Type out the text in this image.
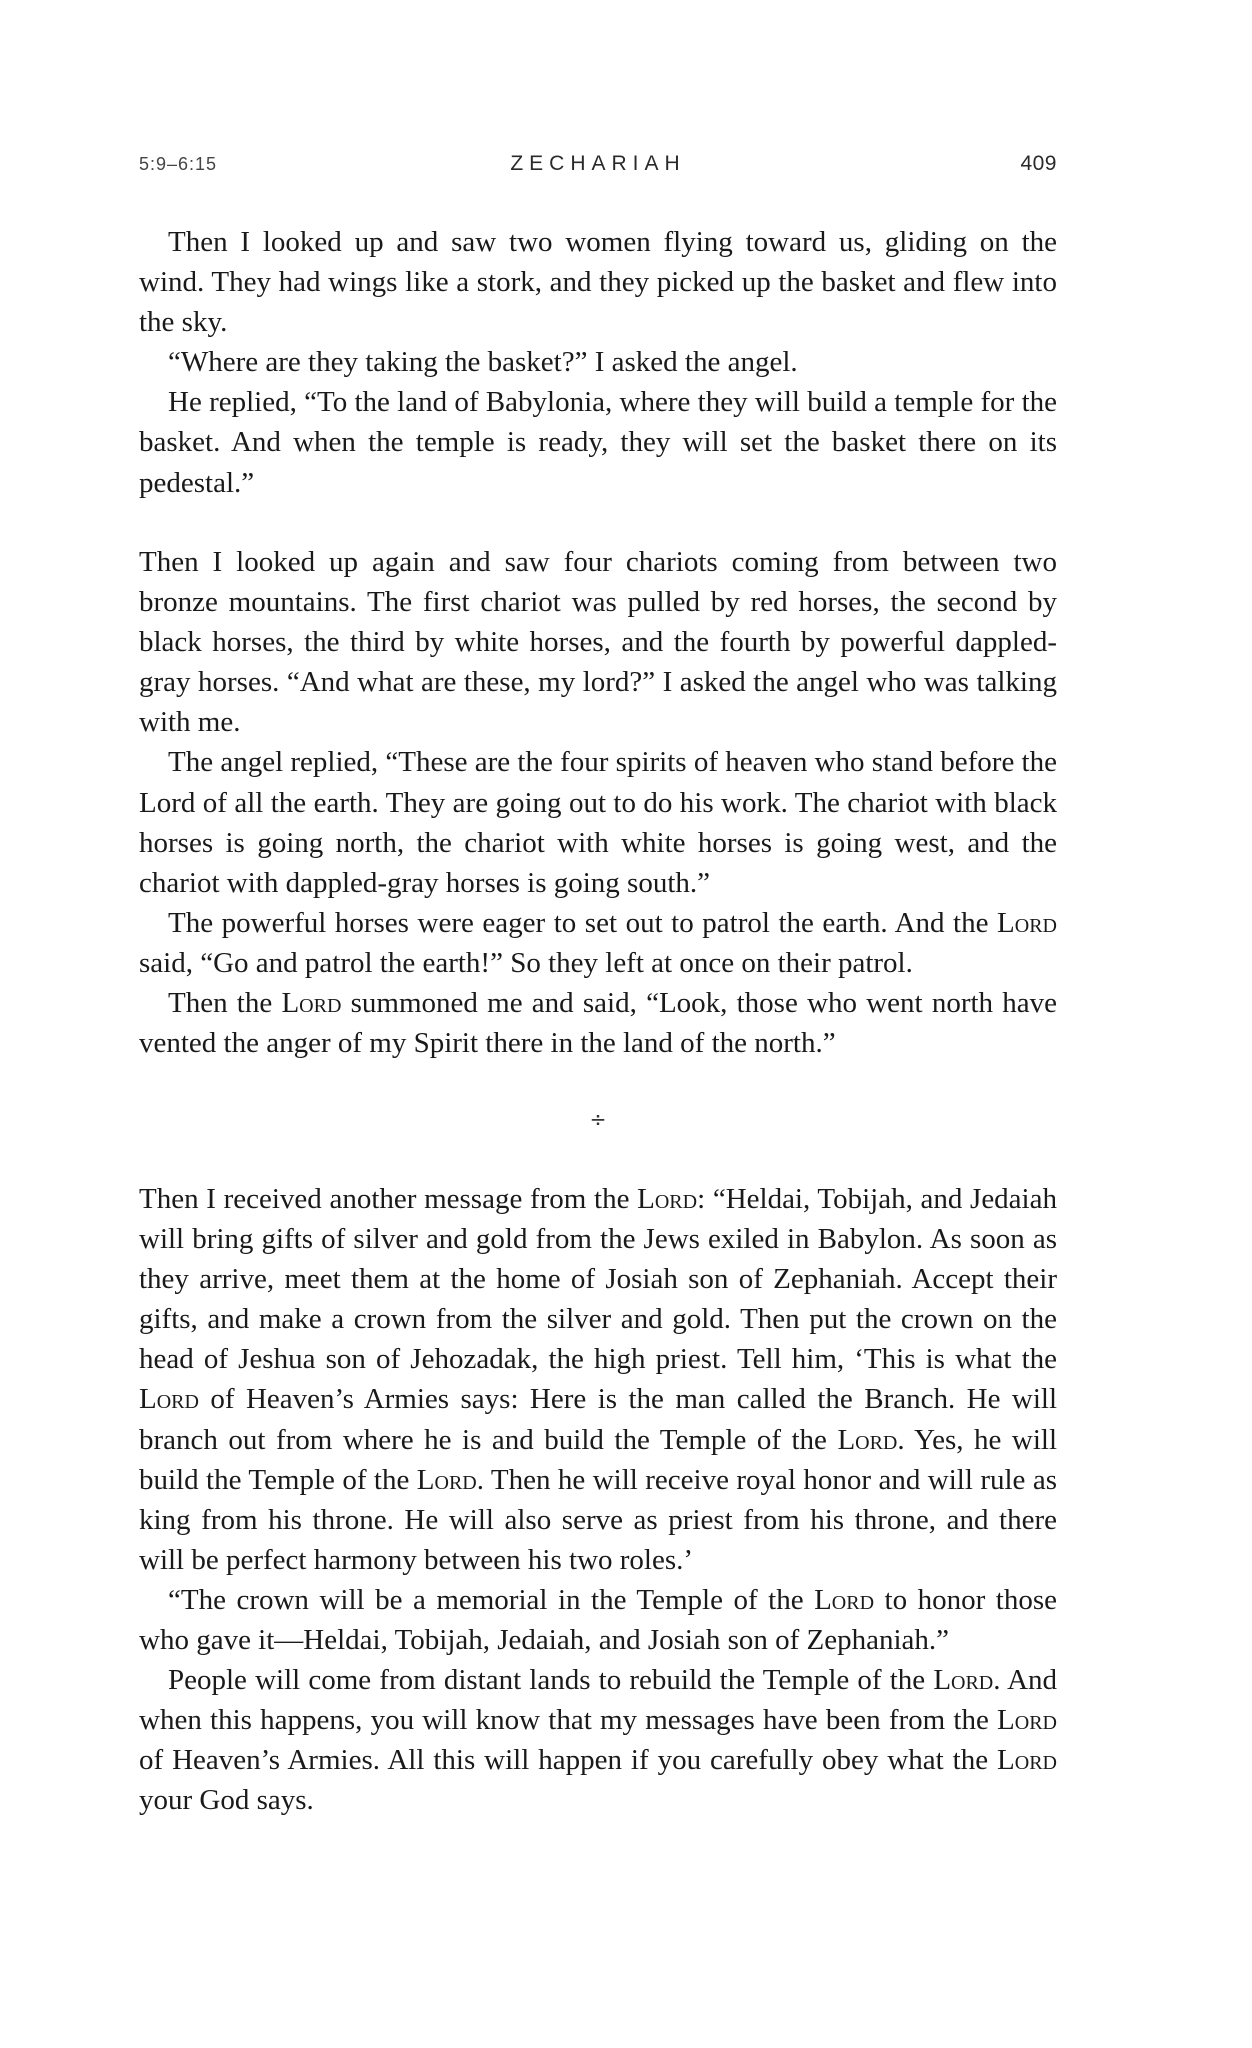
5:9–6:15	ZECHARIAH	409

Then I looked up and saw two women flying toward us, gliding on the wind. They had wings like a stork, and they picked up the basket and flew into the sky.

“Where are they taking the basket?” I asked the angel.

He replied, “To the land of Babylonia, where they will build a temple for the basket. And when the temple is ready, they will set the basket there on its pedestal.”

Then I looked up again and saw four chariots coming from between two bronze mountains. The first chariot was pulled by red horses, the second by black horses, the third by white horses, and the fourth by powerful dappled-gray horses. “And what are these, my lord?” I asked the angel who was talking with me.

The angel replied, “These are the four spirits of heaven who stand before the Lord of all the earth. They are going out to do his work. The chariot with black horses is going north, the chariot with white horses is going west, and the chariot with dappled-gray horses is going south.”

The powerful horses were eager to set out to patrol the earth. And the Lord said, “Go and patrol the earth!” So they left at once on their patrol.

Then the Lord summoned me and said, “Look, those who went north have vented the anger of my Spirit there in the land of the north.”

÷

Then I received another message from the Lord: “Heldai, Tobijah, and Jedaiah will bring gifts of silver and gold from the Jews exiled in Babylon. As soon as they arrive, meet them at the home of Josiah son of Zephaniah. Accept their gifts, and make a crown from the silver and gold. Then put the crown on the head of Jeshua son of Jehozadak, the high priest. Tell him, ‘This is what the Lord of Heaven’s Armies says: Here is the man called the Branch. He will branch out from where he is and build the Temple of the Lord. Yes, he will build the Temple of the Lord. Then he will receive royal honor and will rule as king from his throne. He will also serve as priest from his throne, and there will be perfect harmony between his two roles.’

“The crown will be a memorial in the Temple of the Lord to honor those who gave it—Heldai, Tobijah, Jedaiah, and Josiah son of Zephaniah.”

People will come from distant lands to rebuild the Temple of the Lord. And when this happens, you will know that my messages have been from the Lord of Heaven’s Armies. All this will happen if you carefully obey what the Lord your God says.
